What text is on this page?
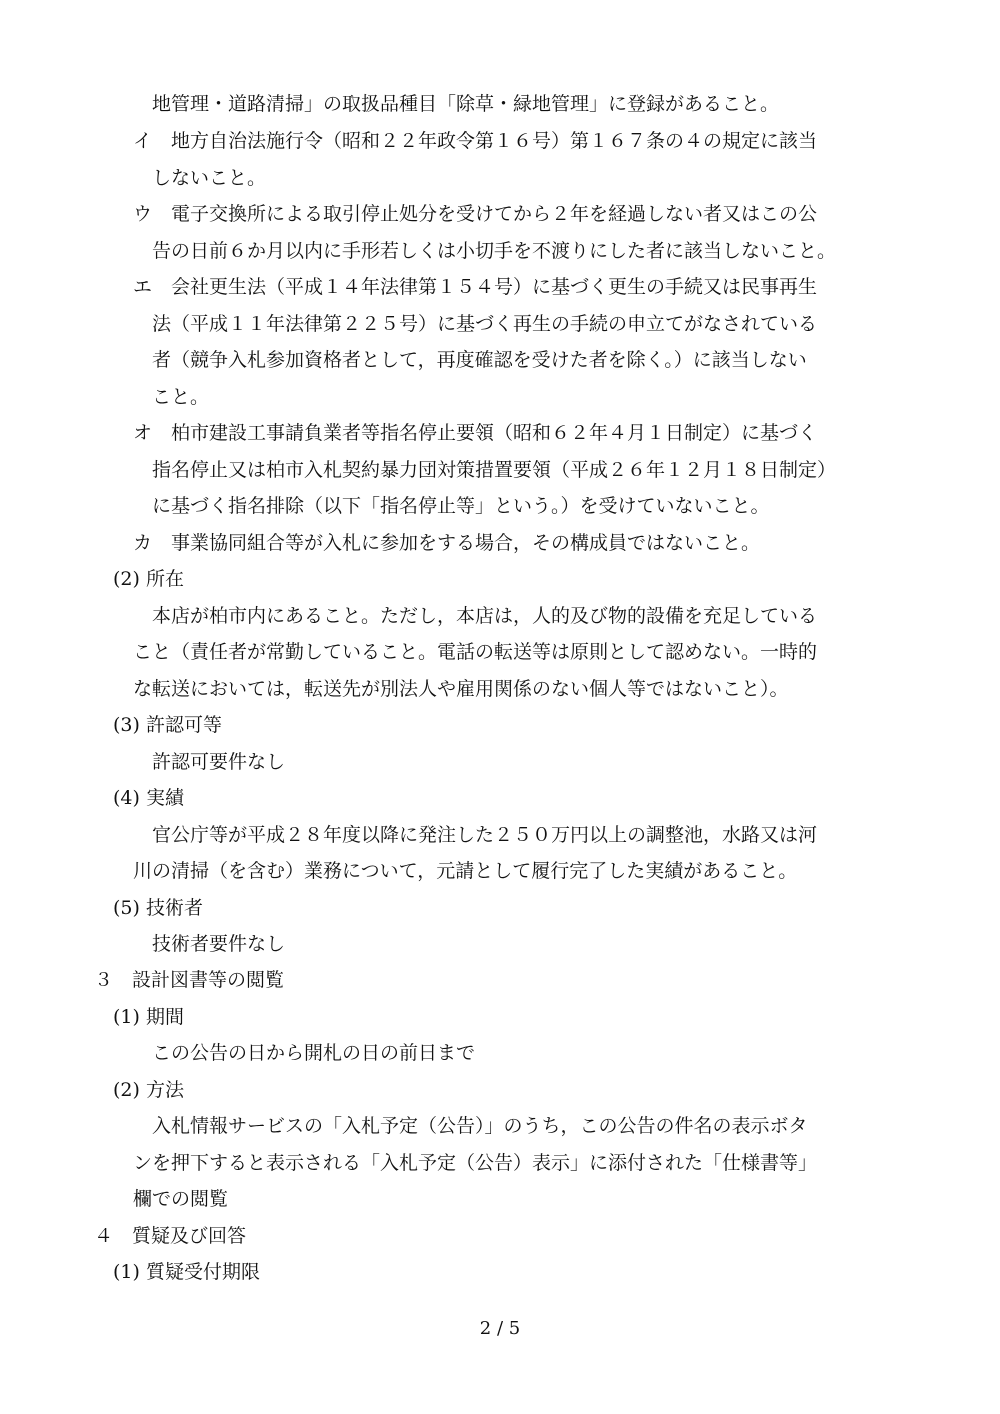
地管理・道路清掃」の取扱品種目「除草・緑地管理」に登録があること。
イ　地方自治法施行令（昭和２２年政令第１６号）第１６７条の４の規定に該当
しないこと。
ウ　電子交換所による取引停止処分を受けてから２年を経過しない者又はこの公
告の日前６か月以内に手形若しくは小切手を不渡りにした者に該当しないこと。
エ　会社更生法（平成１４年法律第１５４号）に基づく更生の手続又は民事再生
法（平成１１年法律第２２５号）に基づく再生の手続の申立てがなされている
者（競争入札参加資格者として，再度確認を受けた者を除く。）に該当しない
こと。
オ　柏市建設工事請負業者等指名停止要領（昭和６２年４月１日制定）に基づく
指名停止又は柏市入札契約暴力団対策措置要領（平成２６年１２月１８日制定）
に基づく指名排除（以下「指名停止等」という。）を受けていないこと。
カ　事業協同組合等が入札に参加をする場合，その構成員ではないこと。
(2) 所在
本店が柏市内にあること。ただし，本店は，人的及び物的設備を充足している
こと（責任者が常勤していること。電話の転送等は原則として認めない。一時的
な転送においては，転送先が別法人や雇用関係のない個人等ではないこと）。
(3) 許認可等
許認可要件なし
(4) 実績
官公庁等が平成２８年度以降に発注した２５０万円以上の調整池，水路又は河
川の清掃（を含む）業務について，元請として履行完了した実績があること。
(5) 技術者
技術者要件なし
３　設計図書等の閲覧
(1) 期間
この公告の日から開札の日の前日まで
(2) 方法
入札情報サービスの「入札予定（公告）」のうち，この公告の件名の表示ボタ
ンを押下すると表示される「入札予定（公告）表示」に添付された「仕様書等」
欄での閲覧
４　質疑及び回答
(1) 質疑受付期限
2 / 5
